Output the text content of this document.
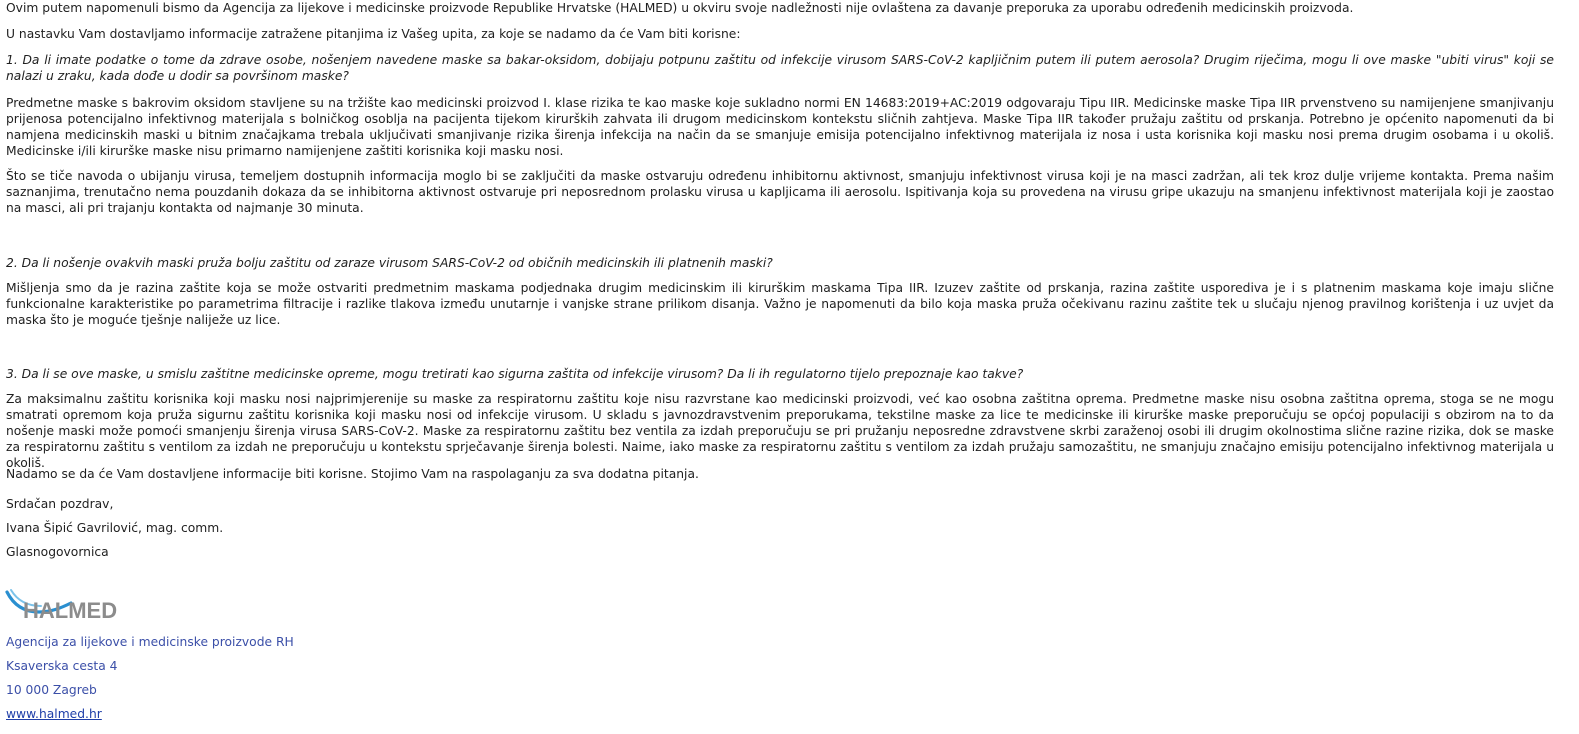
Ovim putem napomenuli bismo da Agencija za lijekove i medicinske proizvode Republike Hrvatske (HALMED) u okviru svoje nadležnosti nije ovlaštena za davanje preporuka za uporabu određenih medicinskih proizvoda.

U nastavku Vam dostavljamo informacije zatražene pitanjima iz Vašeg upita, za koje se nadamo da će Vam biti korisne:

1. Da li imate podatke o tome da zdrave osobe, nošenjem navedene maske sa bakar-oksidom, dobijaju potpunu zaštitu od infekcije virusom SARS-CoV-2 kapljičnim putem ili putem aerosola? Drugim riječima, mogu li ove maske "ubiti virus" koji se nalazi u zraku, kada dođe u dodir sa površinom maske?

Predmetne maske s bakrovim oksidom stavljene su na tržište kao medicinski proizvod I. klase rizika te kao maske koje sukladno normi EN 14683:2019+AC:2019 odgovaraju Tipu IIR. Medicinske maske Tipa IIR prvenstveno su namijenjene smanjivanju prijenosa potencijalno infektivnog materijala s bolničkog osoblja na pacijenta tijekom kirurških zahvata ili drugom medicinskom kontekstu sličnih zahtjeva. Maske Tipa IIR također pružaju zaštitu od prskanja. Potrebno je općenito napomenuti da bi namjena medicinskih maski u bitnim značajkama trebala uključivati smanjivanje rizika širenja infekcija na način da se smanjuje emisija potencijalno infektivnog materijala iz nosa i usta korisnika koji masku nosi prema drugim osobama i u okoliš. Medicinske i/ili kirurške maske nisu primarno namijenjene zaštiti korisnika koji masku nosi.

Što se tiče navoda o ubijanju virusa, temeljem dostupnih informacija moglo bi se zaključiti da maske ostvaruju određenu inhibitornu aktivnost, smanjuju infektivnost virusa koji je na masci zadržan, ali tek kroz dulje vrijeme kontakta. Prema našim saznanjima, trenutačno nema pouzdanih dokaza da se inhibitorna aktivnost ostvaruje pri neposrednom prolasku virusa u kapljicama ili aerosolu. Ispitivanja koja su provedena na virusu gripe ukazuju na smanjenu infektivnost materijala koji je zaostao na masci, ali pri trajanju kontakta od najmanje 30 minuta.

2. Da li nošenje ovakvih maski pruža bolju zaštitu od zaraze virusom SARS-CoV-2 od običnih medicinskih ili platnenih maski?

Mišljenja smo da je razina zaštite koja se može ostvariti predmetnim maskama podjednaka drugim medicinskim ili kirurškim maskama Tipa IIR. Izuzev zaštite od prskanja, razina zaštite usporediva je i s platnenim maskama koje imaju slične funkcionalne karakteristike po parametrima filtracije i razlike tlakova između unutarnje i vanjske strane prilikom disanja. Važno je napomenuti da bilo koja maska pruža očekivanu razinu zaštite tek u slučaju njenog pravilnog korištenja i uz uvjet da maska što je moguće tješnje naliježe uz lice.

3. Da li se ove maske, u smislu zaštitne medicinske opreme, mogu tretirati kao sigurna zaštita od infekcije virusom? Da li ih regulatorno tijelo prepoznaje kao takve?

Za maksimalnu zaštitu korisnika koji masku nosi najprimjerenije su maske za respiratornu zaštitu koje nisu razvrstane kao medicinski proizvodi, već kao osobna zaštitna oprema. Predmetne maske nisu osobna zaštitna oprema, stoga se ne mogu smatrati opremom koja pruža sigurnu zaštitu korisnika koji masku nosi od infekcije virusom. U skladu s javnozdravstvenim preporukama, tekstilne maske za lice te medicinske ili kirurške maske preporučuju se općoj populaciji s obzirom na to da nošenje maski može pomoći smanjenju širenja virusa SARS-CoV-2. Maske za respiratornu zaštitu bez ventila za izdah preporučuju se pri pružanju neposredne zdravstvene skrbi zaraženoj osobi ili drugim okolnostima slične razine rizika, dok se maske za respiratornu zaštitu s ventilom za izdah ne preporučuju u kontekstu sprječavanje širenja bolesti. Naime, iako maske za respiratornu zaštitu s ventilom za izdah pružaju samozaštitu, ne smanjuju značajno emisiju potencijalno infektivnog materijala u okoliš.

Nadamo se da će Vam dostavljene informacije biti korisne. Stojimo Vam na raspolaganju za sva dodatna pitanja.

Srdačan pozdrav,

Ivana Šipić Gavrilović, mag. comm.

Glasnogovornica

Agencija za lijekove i medicinske proizvode RH

Ksaverska cesta 4

10 000 Zagreb

www.halmed.hr

HALMED
